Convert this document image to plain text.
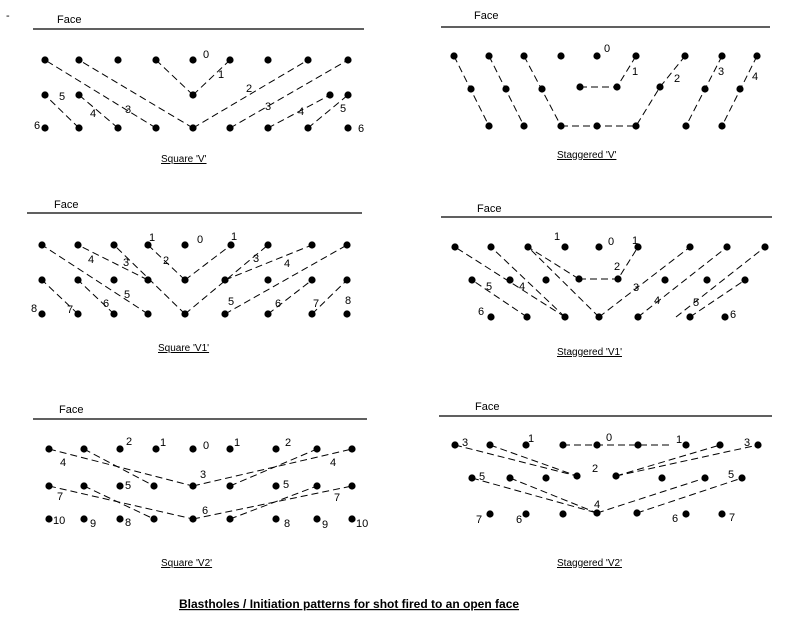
-	Face
0
1
2
3 4	5
6
6
5
4	3
Square 'V'
Face
0
1
2
3	4
Staggered 'V'
Face
1	0	1
2	3 4
5	6	7 8
4	3
5
6
7
8
Square 'V1'
Face
1	0 1
2
3
4	5
6
4
5
6
Staggered 'V1'
Face
2	1	0 1	2
3
4	4
5	5
6
7	7
8	8
9	9
10	10
Square 'V2'
Face
3	1	0	1	3
2
5
4
5
6	6
7	7
Staggered 'V2'
Blastholes / Initiation patterns for shot fired to an open face
